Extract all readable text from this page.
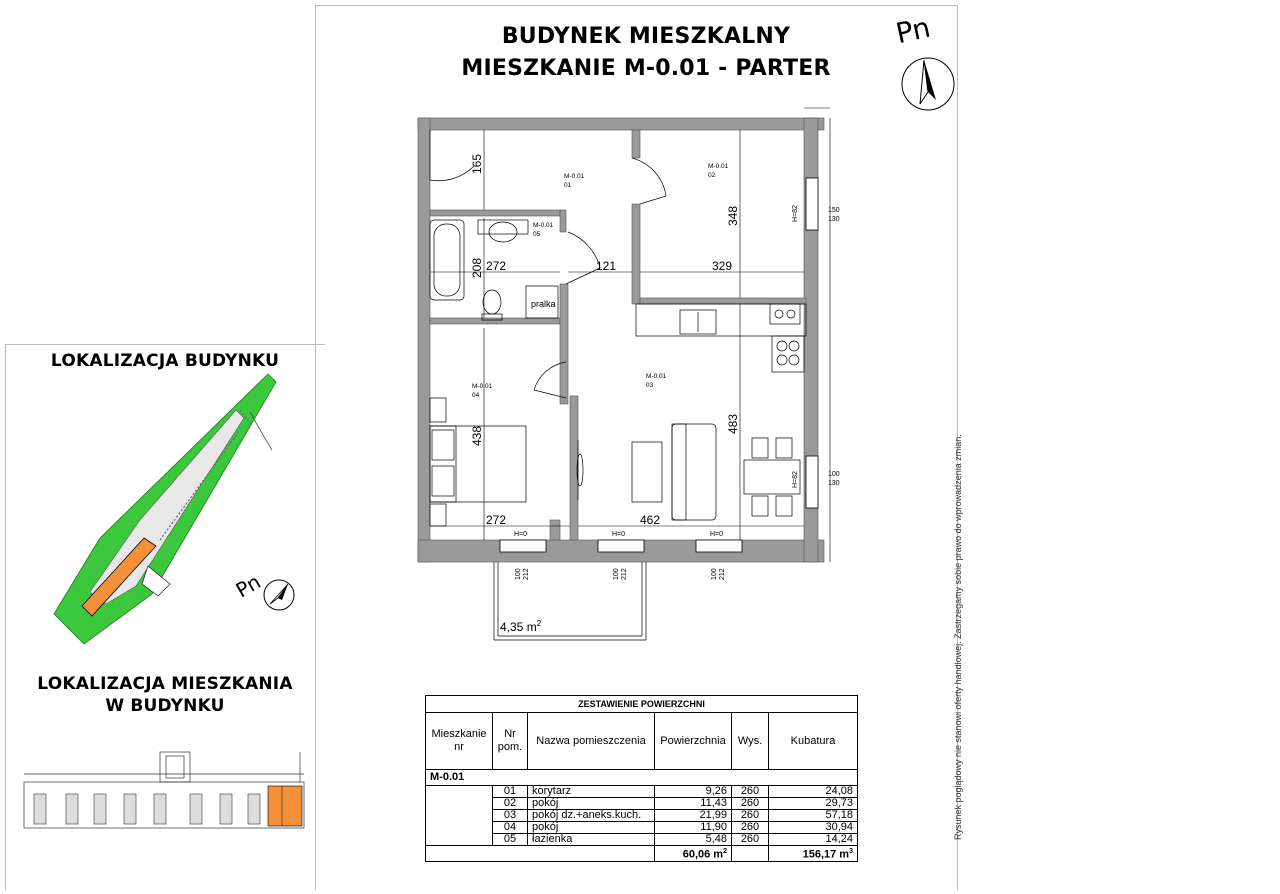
BUDYNEK MIESZKALNY
MIESZKANIE M-0.01 - PARTER
Pn
pralka
4,35 $m^2$
165
348
208 272	121	329
438
483
272	462
M-0.01
01
M-0.01
02
M-0.01
03
M-0.01
04
M-0.01
05
150
130
H=82
100
130
H=82
H=0	H=0	H=0
100 212	100 212	100 212
LOKALIZACJA BUDYNKU
Pn
LOKALIZACJA MIESZKANIA
W BUDYNKU	ZESTAWIENIE POWIERZCHNI					
Mieszkanie nr	Nr pom.	Nazwa pomieszczenia	Powierzchnia	Wys.	Kubatura
M-0.01					
	01	korytarz	9,26	260	24,08
	02	pokój	11,43	260	29,73
	03	pokój dz.+aneks.kuch.	21,99	260	57,18
	04	pokój	11,90	260	30,94
	05	łazienka	5,48	260	14,24
			60,06 $m^2$		156,17 $m^3$
Rysunek poglądowy nie stanowi oferty handlowej. Zastrzegamy sobie prawo do wprowadzenia zmian.
